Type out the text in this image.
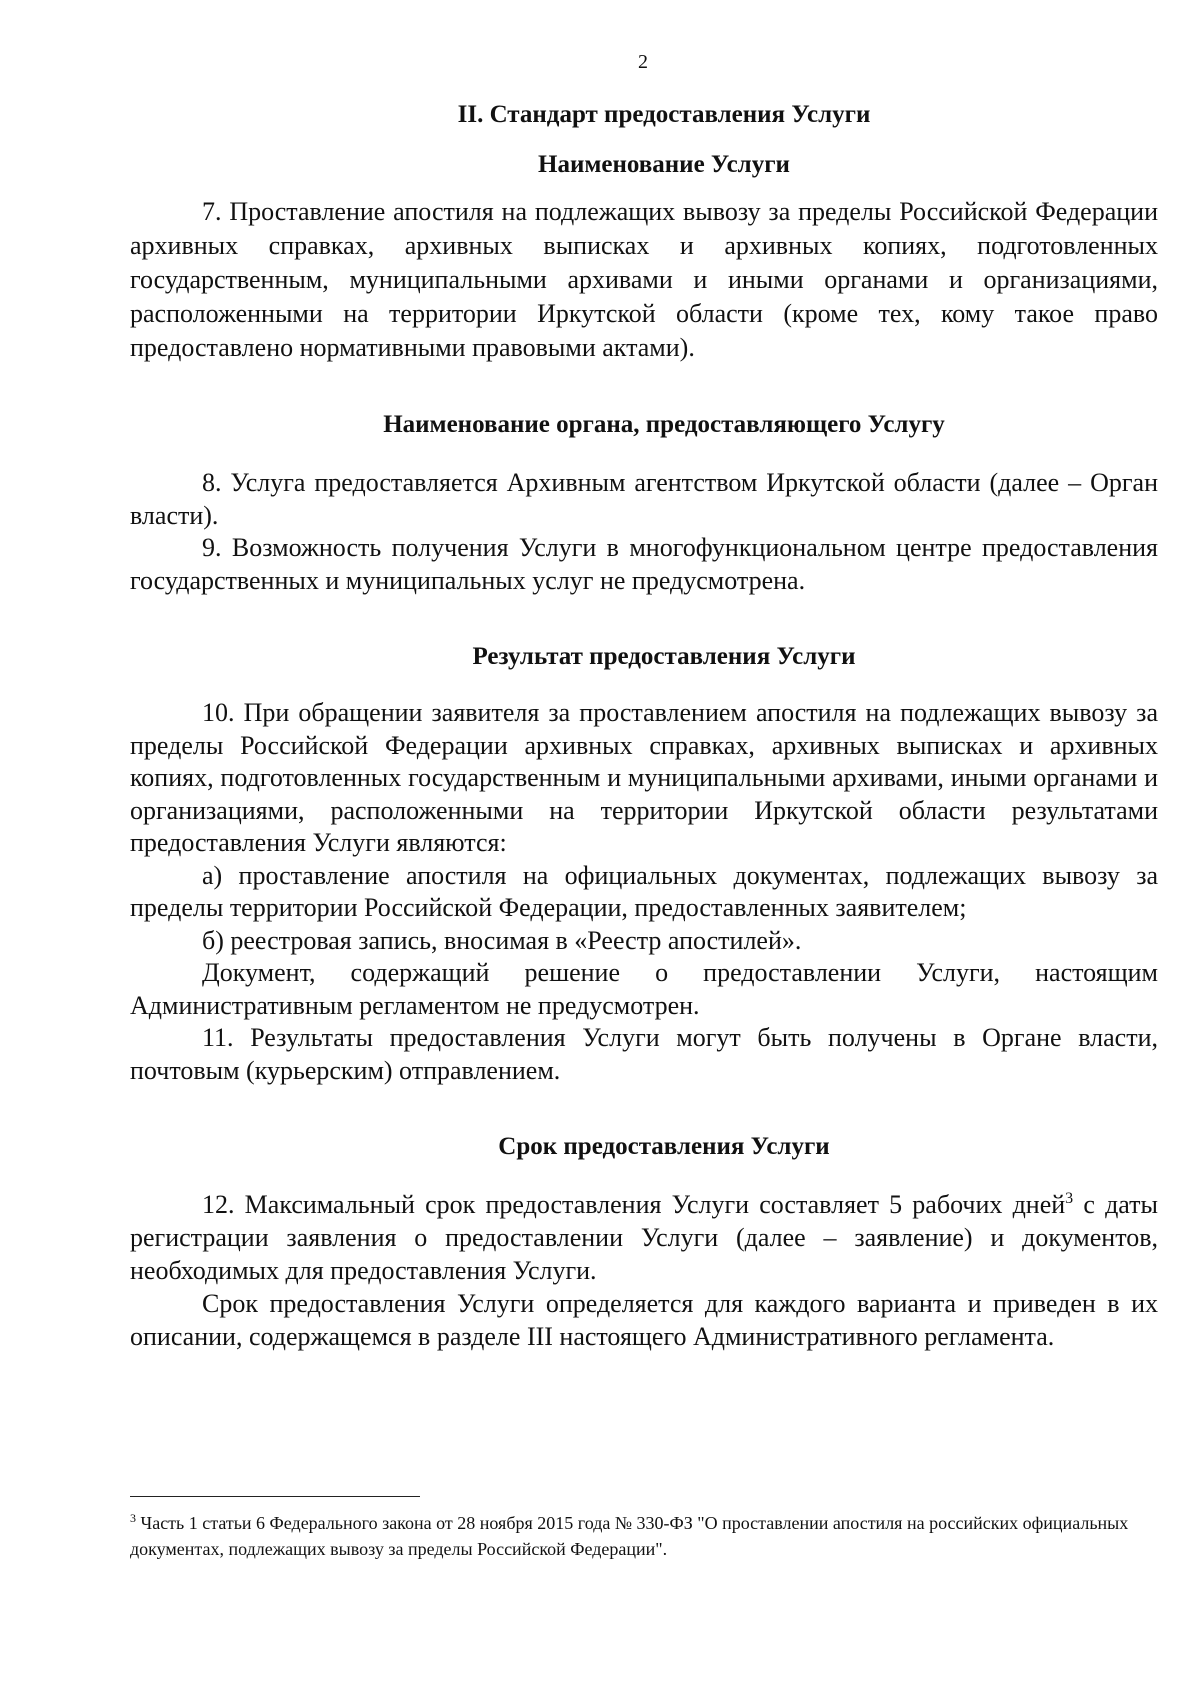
2
II. Стандарт предоставления Услуги
Наименование Услуги

7. Проставление апостиля на подлежащих вывозу за пределы Российской Федерации архивных справках, архивных выписках и архивных копиях, подготовленных государственным, муниципальными архивами и иными органами и организациями, расположенными на территории Иркутской области (кроме тех, кому такое право предоставлено нормативными правовыми актами).

Наименование органа, предоставляющего Услугу

8. Услуга предоставляется Архивным агентством Иркутской области (далее – Орган власти).

9. Возможность получения Услуги в многофункциональном центре предоставления государственных и муниципальных услуг не предусмотрена.

Результат предоставления Услуги

10. При обращении заявителя за проставлением апостиля на подлежащих вывозу за пределы Российской Федерации архивных справках, архивных выписках и архивных копиях, подготовленных государственным и муниципальными архивами, иными органами и организациями, расположенными на территории Иркутской области результатами предоставления Услуги являются:

а) проставление апостиля на официальных документах, подлежащих вывозу за пределы территории Российской Федерации, предоставленных заявителем;

б) реестровая запись, вносимая в «Реестр апостилей».

Документ, содержащий решение о предоставлении Услуги, настоящим Административным регламентом не предусмотрен.

11. Результаты предоставления Услуги могут быть получены в Органе власти, почтовым (курьерским) отправлением.

Срок предоставления Услуги

12. Максимальный срок предоставления Услуги составляет 5 рабочих дней$^3$ с даты регистрации заявления о предоставлении Услуги (далее – заявление) и документов, необходимых для предоставления Услуги.

Срок предоставления Услуги определяется для каждого варианта и приведен в их описании, содержащемся в разделе III настоящего Административного регламента.

$^3$ Часть 1 статьи 6 Федерального закона от 28 ноября 2015 года № 330-ФЗ "О проставлении апостиля на российских официальных документах, подлежащих вывозу за пределы Российской Федерации".
